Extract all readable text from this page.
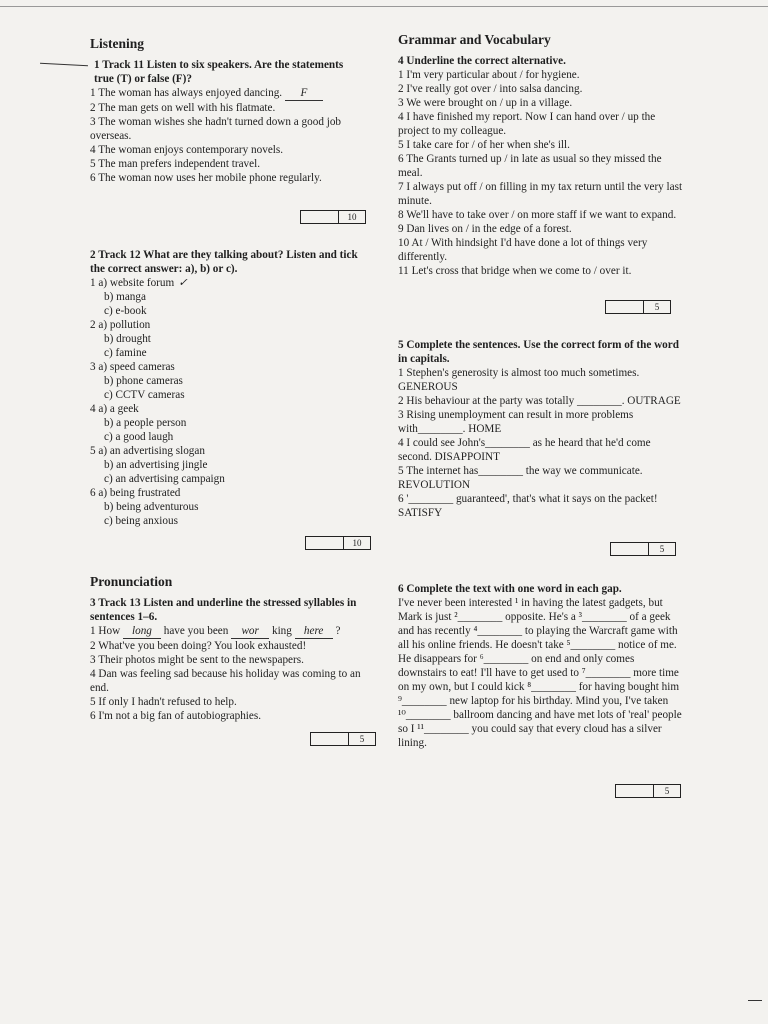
Listening
1 Track 11 Listen to six speakers. Are the statements true (T) or false (F)?
1 The woman has always enjoyed dancing. F
2 The man gets on well with his flatmate.
3 The woman wishes she hadn't turned down a good job overseas.
4 The woman enjoys contemporary novels.
5 The man prefers independent travel.
6 The woman now uses her mobile phone regularly.
10
2 Track 12 What are they talking about? Listen and tick the correct answer: a), b) or c).
1 a) website forum ✓
b) manga
c) e-book
2 a) pollution
b) drought
c) famine
3 a) speed cameras
b) phone cameras
c) CCTV cameras
4 a) a geek
b) a people person
c) a good laugh
5 a) an advertising slogan
b) an advertising jingle
c) an advertising campaign
6 a) being frustrated
b) being adventurous
c) being anxious
10
Pronunciation
3 Track 13 Listen and underline the stressed syllables in sentences 1–6.
1 How long have you been wor king here ?
2 What've you been doing? You look exhausted!
3 Their photos might be sent to the newspapers.
4 Dan was feeling sad because his holiday was coming to an end.
5 If only I hadn't refused to help.
6 I'm not a big fan of autobiographies.
5
Grammar and Vocabulary
4 Underline the correct alternative.
1 I'm very particular about / for hygiene.
2 I've really got over / into salsa dancing.
3 We were brought on / up in a village.
4 I have finished my report. Now I can hand over / up the project to my colleague.
5 I take care for / of her when she's ill.
6 The Grants turned up / in late as usual so they missed the meal.
7 I always put off / on filling in my tax return until the very last minute.
8 We'll have to take over / on more staff if we want to expand.
9 Dan lives on / in the edge of a forest.
10 At / With hindsight I'd have done a lot of things very differently.
11 Let's cross that bridge when we come to / over it.
5
5 Complete the sentences. Use the correct form of the word in capitals.
1 Stephen's generosity is almost too much sometimes. GENEROUS
2 His behaviour at the party was totally ________. OUTRAGE
3 Rising unemployment can result in more problems with________. HOME
4 I could see John's________ as he heard that he'd come second. DISAPPOINT
5 The internet has________ the way we communicate. REVOLUTION
6 '________ guaranteed', that's what it says on the packet! SATISFY
5
6 Complete the text with one word in each gap.
I've never been interested ¹ in having the latest gadgets, but Mark is just ²________ opposite. He's a ³________ of a geek and has recently ⁴________ to playing the Warcraft game with all his online friends. He doesn't take ⁵________ notice of me. He disappears for ⁶________ on end and only comes downstairs to eat! I'll have to get used to ⁷________ more time on my own, but I could kick ⁸________ for having bought him ⁹________ new laptop for his birthday. Mind you, I've taken ¹⁰________ ballroom dancing and have met lots of 'real' people so I ¹¹________ you could say that every cloud has a silver lining.
5
